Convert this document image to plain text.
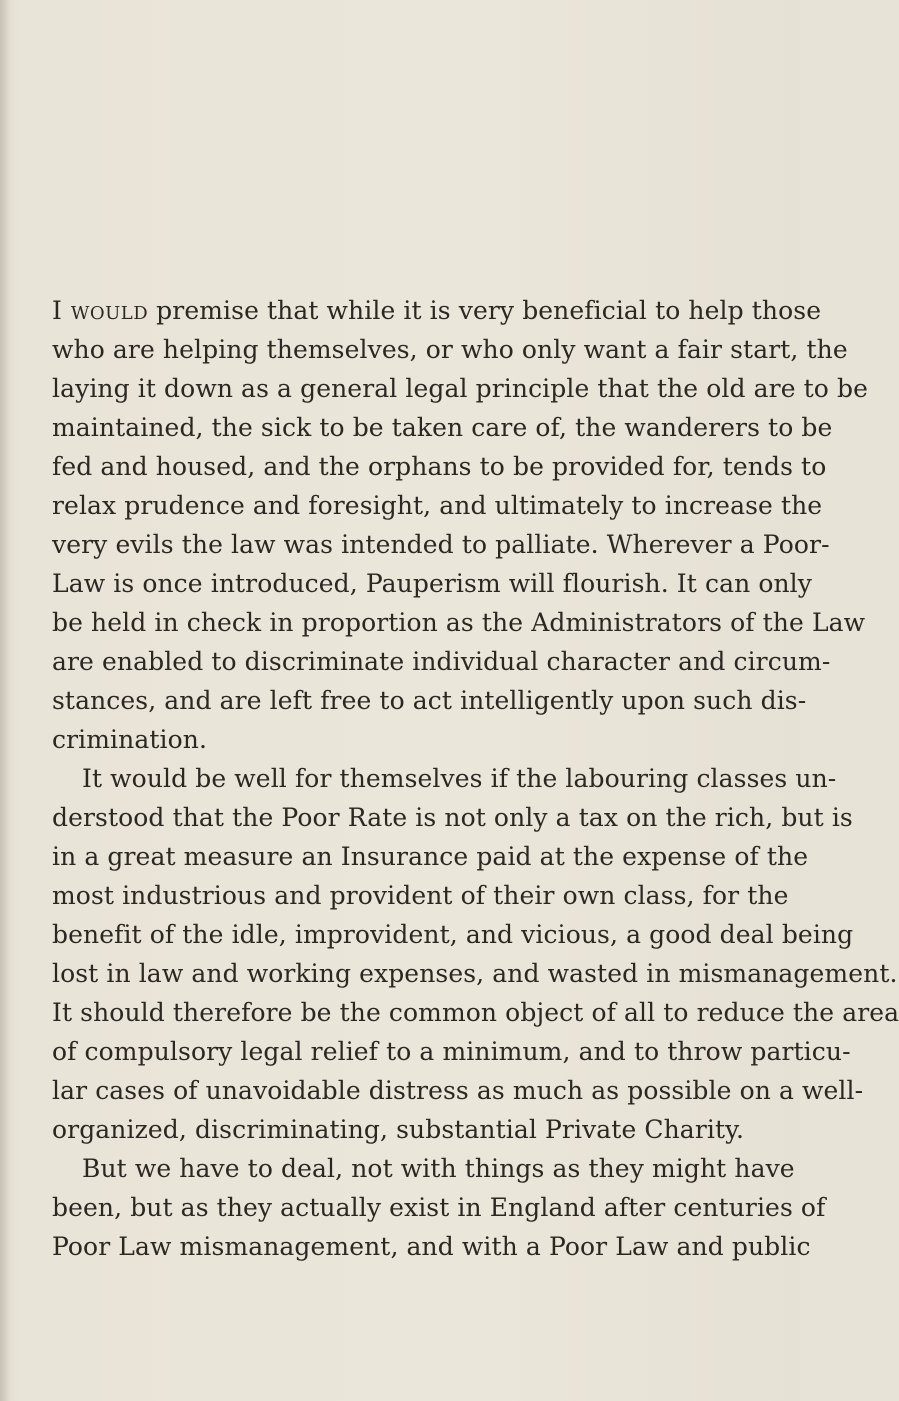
I would premise that while it is very beneficial to help those
who are helping themselves, or who only want a fair start, the
laying it down as a general legal principle that the old are to be
maintained, the sick to be taken care of, the wanderers to be
fed and housed, and the orphans to be provided for, tends to
relax prudence and foresight, and ultimately to increase the
very evils the law was intended to palliate. Wherever a Poor-
Law is once introduced, Pauperism will flourish. It can only
be held in check in proportion as the Administrators of the Law
are enabled to discriminate individual character and circum-
stances, and are left free to act intelligently upon such dis-
crimination.
It would be well for themselves if the labouring classes un-
derstood that the Poor Rate is not only a tax on the rich, but is
in a great measure an Insurance paid at the expense of the
most industrious and provident of their own class, for the
benefit of the idle, improvident, and vicious, a good deal being
lost in law and working expenses, and wasted in mismanagement.
It should therefore be the common object of all to reduce the area
of compulsory legal relief to a minimum, and to throw particu-
lar cases of unavoidable distress as much as possible on a well-
organized, discriminating, substantial Private Charity.
But we have to deal, not with things as they might have
been, but as they actually exist in England after centuries of
Poor Law mismanagement, and with a Poor Law and public
